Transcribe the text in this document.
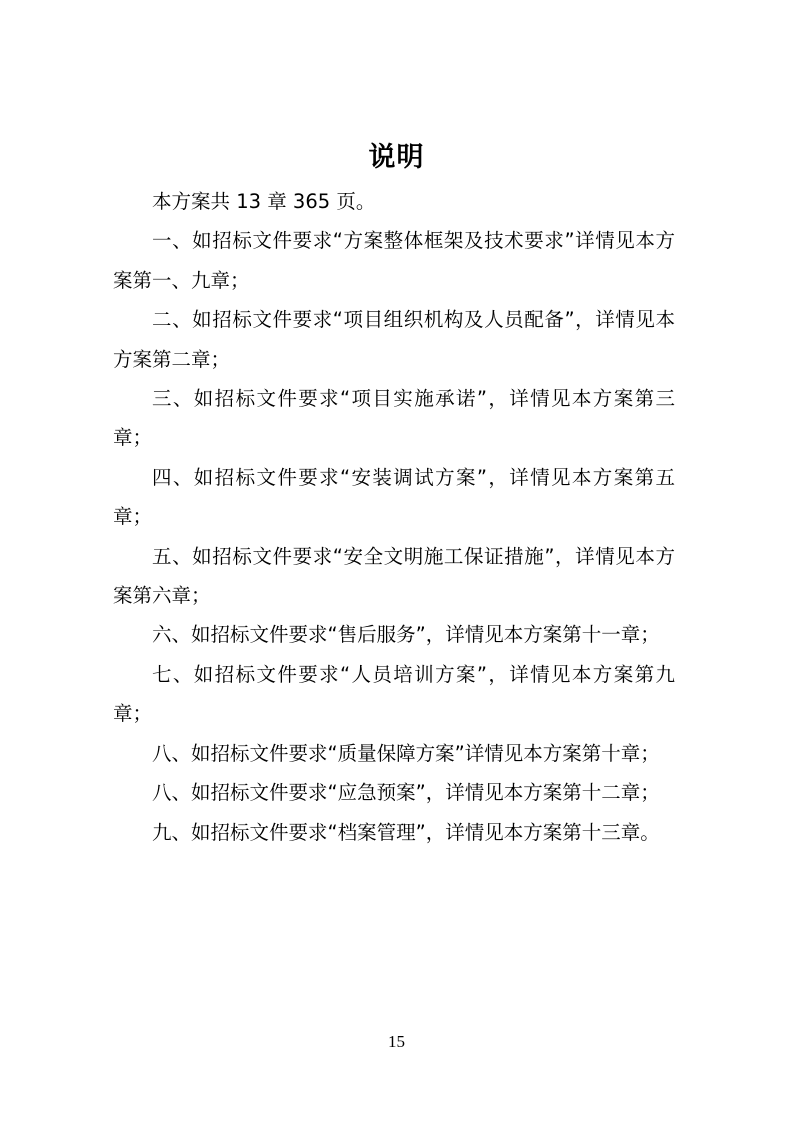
说明

本方案共 13 章 365 页。

一、如招标文件要求“方案整体框架及技术要求”详情见本方案第一、九章；

二、如招标文件要求“项目组织机构及人员配备”，详情见本方案第二章；

三、如招标文件要求“项目实施承诺”，详情见本方案第三章；

四、如招标文件要求“安装调试方案”，详情见本方案第五章；

五、如招标文件要求“安全文明施工保证措施”，详情见本方案第六章；

六、如招标文件要求“售后服务”，详情见本方案第十一章；

七、如招标文件要求“人员培训方案”，详情见本方案第九章；

八、如招标文件要求“质量保障方案”详情见本方案第十章；

八、如招标文件要求“应急预案”，详情见本方案第十二章；

九、如招标文件要求“档案管理”，详情见本方案第十三章。

15
